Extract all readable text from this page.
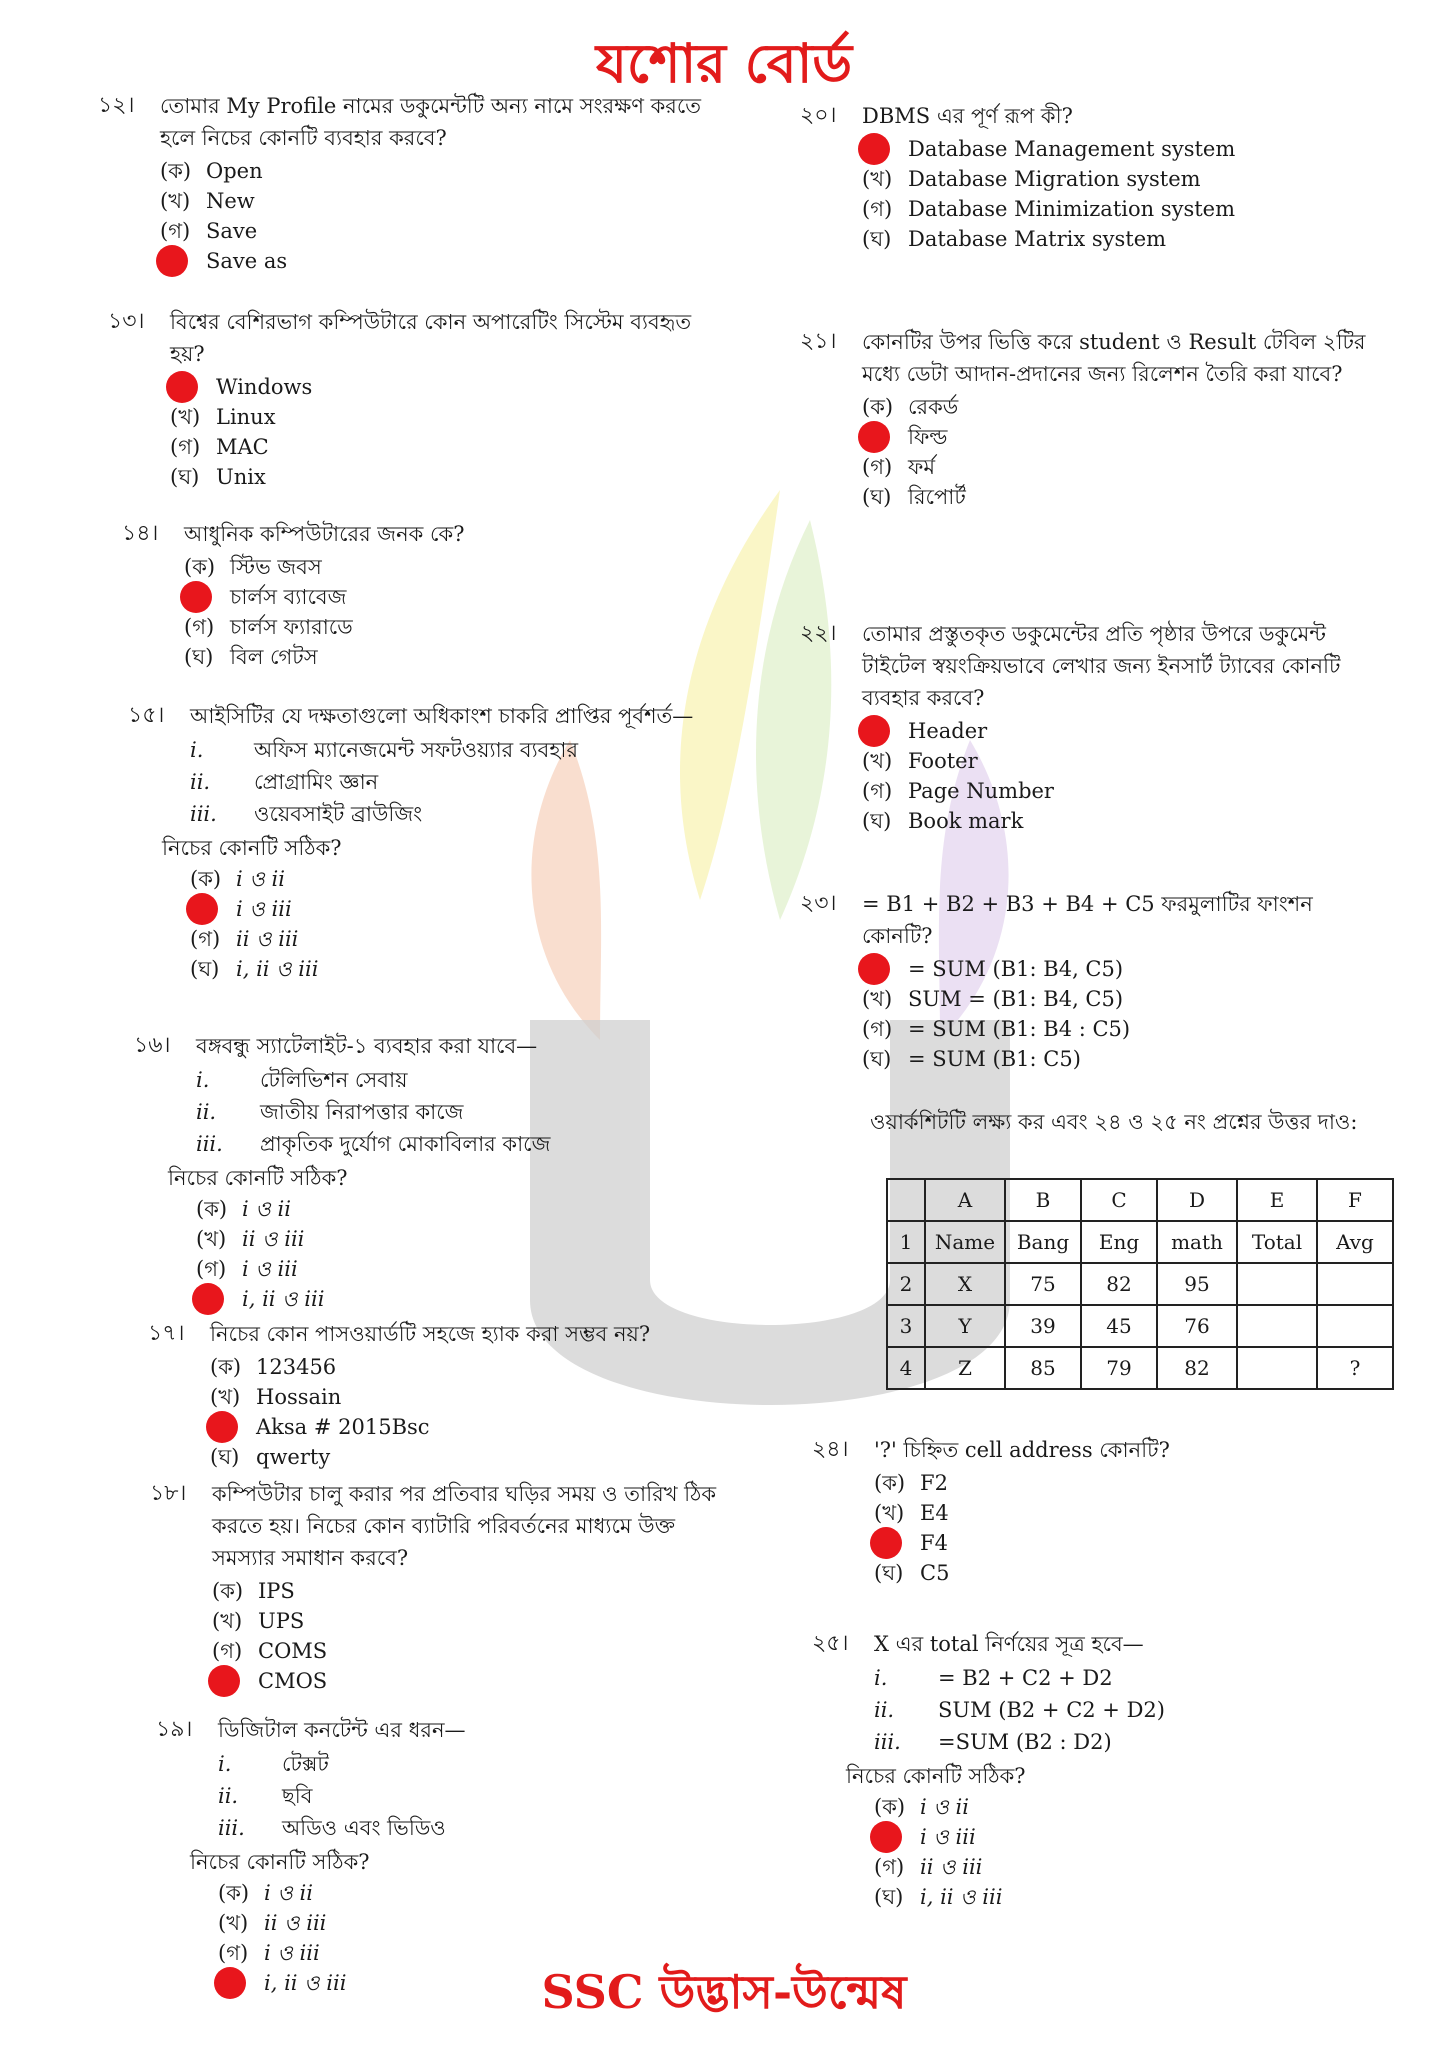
যশোর বোর্ড
১২। তোমার My Profile নামের ডকুমেন্টটি অন্য নামে সংরক্ষণ করতে হলে নিচের কোনটি ব্যবহার করবে?
(ক) Open
(খ) New
(গ) Save
Save as
১৩। বিশ্বের বেশিরভাগ কম্পিউটারে কোন অপারেটিং সিস্টেম ব্যবহৃত হয়?
Windows
(খ) Linux
(গ) MAC
(ঘ) Unix
১৪। আধুনিক কম্পিউটারের জনক কে?
(ক) স্টিভ জবস
চার্লস ব্যাবেজ
(গ) চার্লস ফ্যারাডে
(ঘ) বিল গেটস
১৫। আইসিটির যে দক্ষতাগুলো অধিকাংশ চাকরি প্রাপ্তির পূর্বশর্ত—
i.	অফিস ম্যানেজমেন্ট সফটওয়্যার ব্যবহার
ii.	প্রোগ্রামিং জ্ঞান
iii.	ওয়েবসাইট ব্রাউজিং
নিচের কোনটি সঠিক?
(ক) i ও ii
i ও iii
(গ) ii ও iii
(ঘ) i, ii ও iii
১৬। বঙ্গবন্ধু স্যাটেলাইট-১ ব্যবহার করা যাবে—
i.	টেলিভিশন সেবায়
ii.	জাতীয় নিরাপত্তার কাজে
iii.	প্রাকৃতিক দুর্যোগ মোকাবিলার কাজে
নিচের কোনটি সঠিক?
(ক) i ও ii
(খ) ii ও iii
(গ) i ও iii
i, ii ও iii
১৭। নিচের কোন পাসওয়ার্ডটি সহজে হ্যাক করা সম্ভব নয়?
(ক) 123456
(খ) Hossain
Aksa # 2015Bsc
(ঘ) qwerty
১৮। কম্পিউটার চালু করার পর প্রতিবার ঘড়ির সময় ও তারিখ ঠিক করতে হয়। নিচের কোন ব্যাটারি পরিবর্তনের মাধ্যমে উক্ত সমস্যার সমাধান করবে?
(ক) IPS
(খ) UPS
(গ) COMS
CMOS
১৯। ডিজিটাল কনটেন্ট এর ধরন—
i.	টেক্সট
ii.	ছবি
iii.	অডিও এবং ভিডিও
নিচের কোনটি সঠিক?
(ক) i ও ii
(খ) ii ও iii
(গ) i ও iii
i, ii ও iii
২০। DBMS এর পূর্ণ রূপ কী?
Database Management system
(খ) Database Migration system
(গ) Database Minimization system
(ঘ) Database Matrix system
২১। কোনটির উপর ভিত্তি করে student ও Result টেবিল ২টির মধ্যে ডেটা আদান-প্রদানের জন্য রিলেশন তৈরি করা যাবে?
(ক) রেকর্ড
ফিল্ড
(গ) ফর্ম
(ঘ) রিপোর্ট
২২। তোমার প্রস্তুতকৃত ডকুমেন্টের প্রতি পৃষ্ঠার উপরে ডকুমেন্ট টাইটেল স্বয়ংক্রিয়ভাবে লেখার জন্য ইনসার্ট ট্যাবের কোনটি ব্যবহার করবে?
Header
(খ) Footer
(গ) Page Number
(ঘ) Book mark
২৩। = B1 + B2 + B3 + B4 + C5 ফরমুলাটির ফাংশন কোনটি?
= SUM (B1: B4, C5)
(খ) SUM = (B1: B4, C5)
(গ) = SUM (B1: B4 : C5)
(ঘ) = SUM (B1: C5)
ওয়ার্কশিটটি লক্ষ্য কর এবং ২৪ ও ২৫ নং প্রশ্নের উত্তর দাও:
	A	B	C	D	E	F
1	Name	Bang	Eng	math	Total	Avg
2	X	75	82	95		
3	Y	39	45	76		
4	Z	85	79	82		?
২৪। '?' চিহ্নিত cell address কোনটি?
(ক) F2
(খ) E4
F4
(ঘ) C5
২৫। X এর total নির্ণয়ের সূত্র হবে—
i.	= B2 + C2 + D2
ii.	SUM (B2 + C2 + D2)
iii.	=SUM (B2 : D2)
নিচের কোনটি সঠিক?
(ক) i ও ii
i ও iii
(গ) ii ও iii
(ঘ) i, ii ও iii
SSC উদ্ভাস-উন্মেষ
